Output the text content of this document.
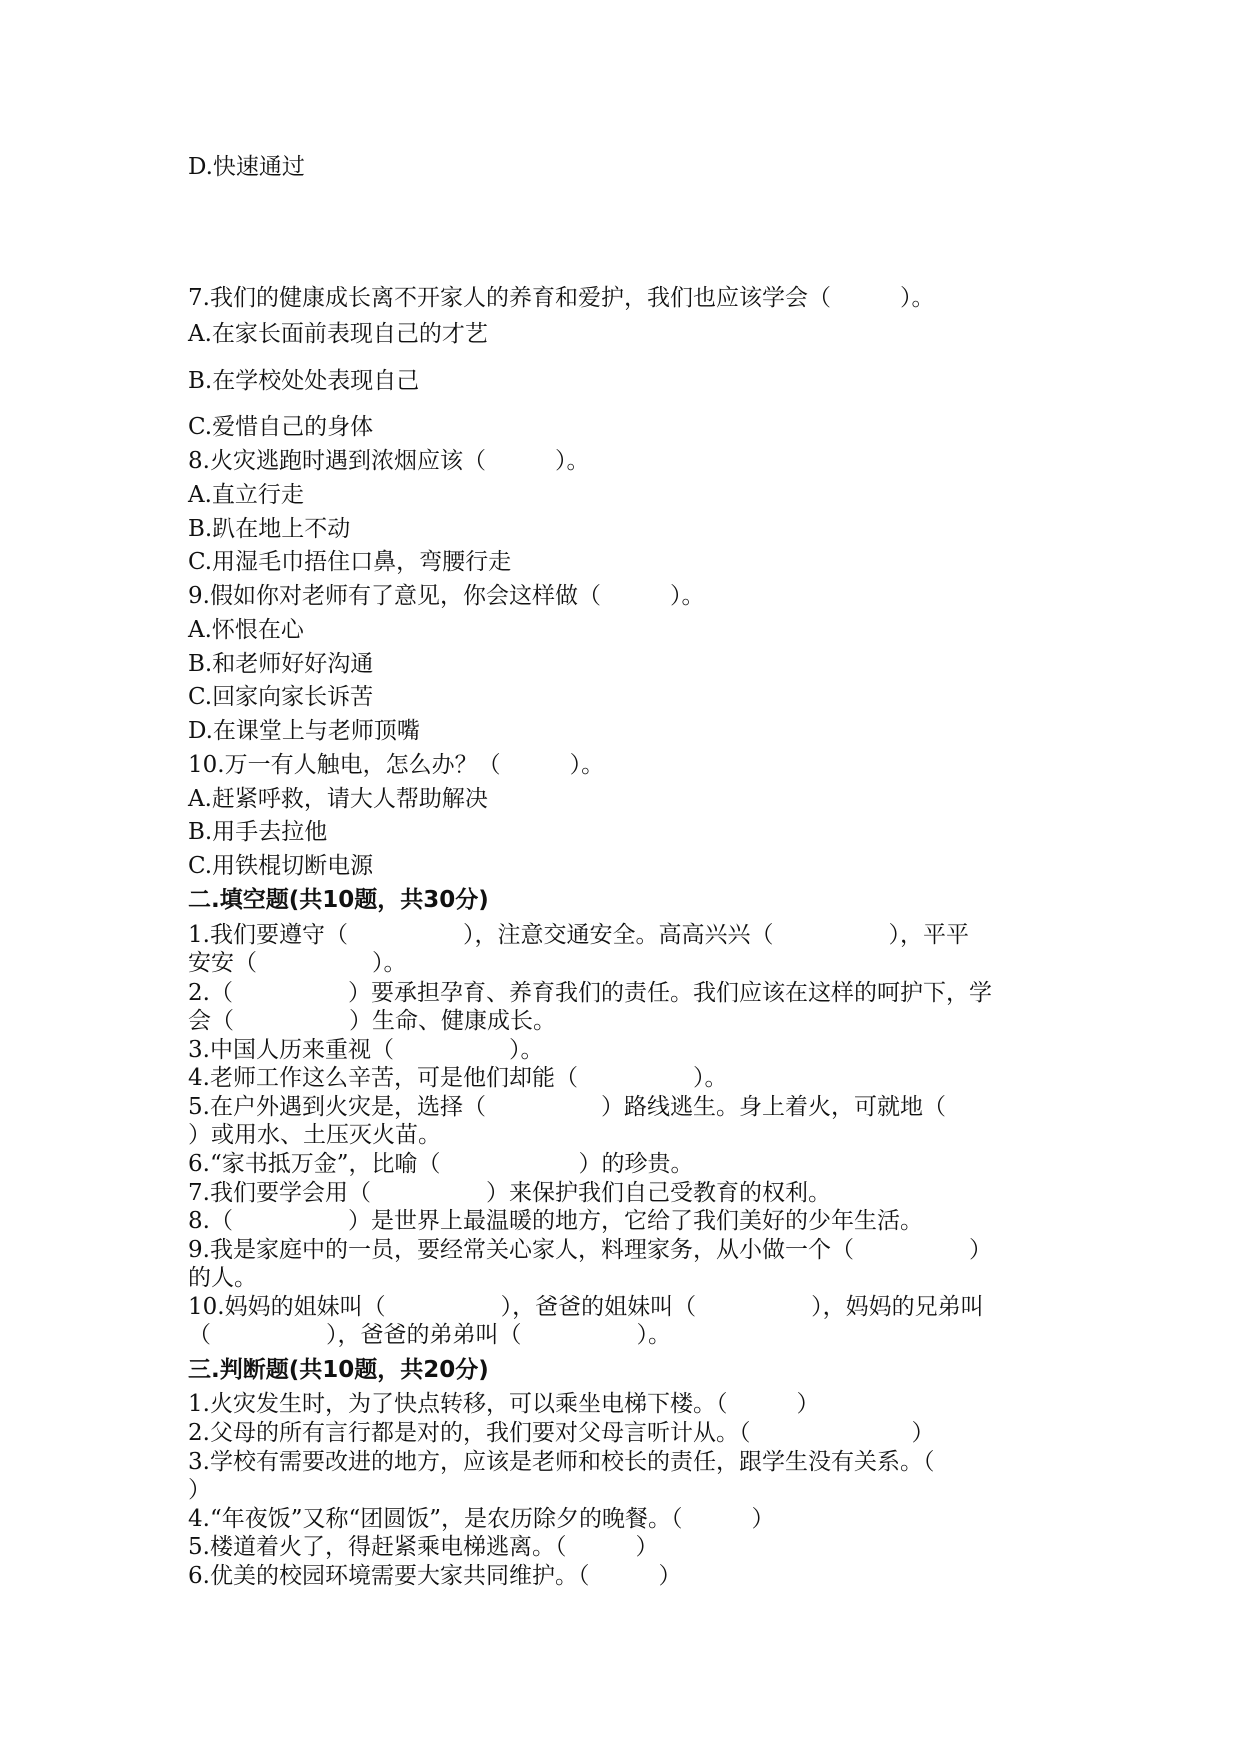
D.快速通过

7.我们的健康成长离不开家人的养育和爱护，我们也应该学会（　　　）。

A.在家长面前表现自己的才艺

B.在学校处处表现自己

C.爱惜自己的身体

8.火灾逃跑时遇到浓烟应该（　　　）。

A.直立行走

B.趴在地上不动

C.用湿毛巾捂住口鼻，弯腰行走

9.假如你对老师有了意见，你会这样做（　　　）。

A.怀恨在心

B.和老师好好沟通

C.回家向家长诉苦

D.在课堂上与老师顶嘴

10.万一有人触电，怎么办？（　　　）。

A.赶紧呼救，请大人帮助解决

B.用手去拉他

C.用铁棍切断电源

二.填空题(共10题，共30分)

1.我们要遵守（　　　　　），注意交通安全。高高兴兴（　　　　　），平平

安安（　　　　　）。

2.（　　　　　）要承担孕育、养育我们的责任。我们应该在这样的呵护下，学

会（　　　　　）生命、健康成长。

3.中国人历来重视（　　　　　）。

4.老师工作这么辛苦，可是他们却能（　　　　　）。

5.在户外遇到火灾是，选择（　　　　　）路线逃生。身上着火，可就地（

）或用水、土压灭火苗。

6.“家书抵万金”，比喻（　　　　　　）的珍贵。

7.我们要学会用（　　　　　）来保护我们自己受教育的权利。

8.（　　　　　）是世界上最温暖的地方，它给了我们美好的少年生活。

9.我是家庭中的一员，要经常关心家人，料理家务，从小做一个（　　　　　）

的人。

10.妈妈的姐妹叫（　　　　　），爸爸的姐妹叫（　　　　　），妈妈的兄弟叫

（　　　　　），爸爸的弟弟叫（　　　　　）。

三.判断题(共10题，共20分)

1.火灾发生时，为了快点转移，可以乘坐电梯下楼。（　　　）

2.父母的所有言行都是对的，我们要对父母言听计从。（　　　　　　　）

3.学校有需要改进的地方，应该是老师和校长的责任，跟学生没有关系。（

）

4.“年夜饭”又称“团圆饭”，是农历除夕的晚餐。（　　　）

5.楼道着火了，得赶紧乘电梯逃离。（　　　）

6.优美的校园环境需要大家共同维护。（　　　）
